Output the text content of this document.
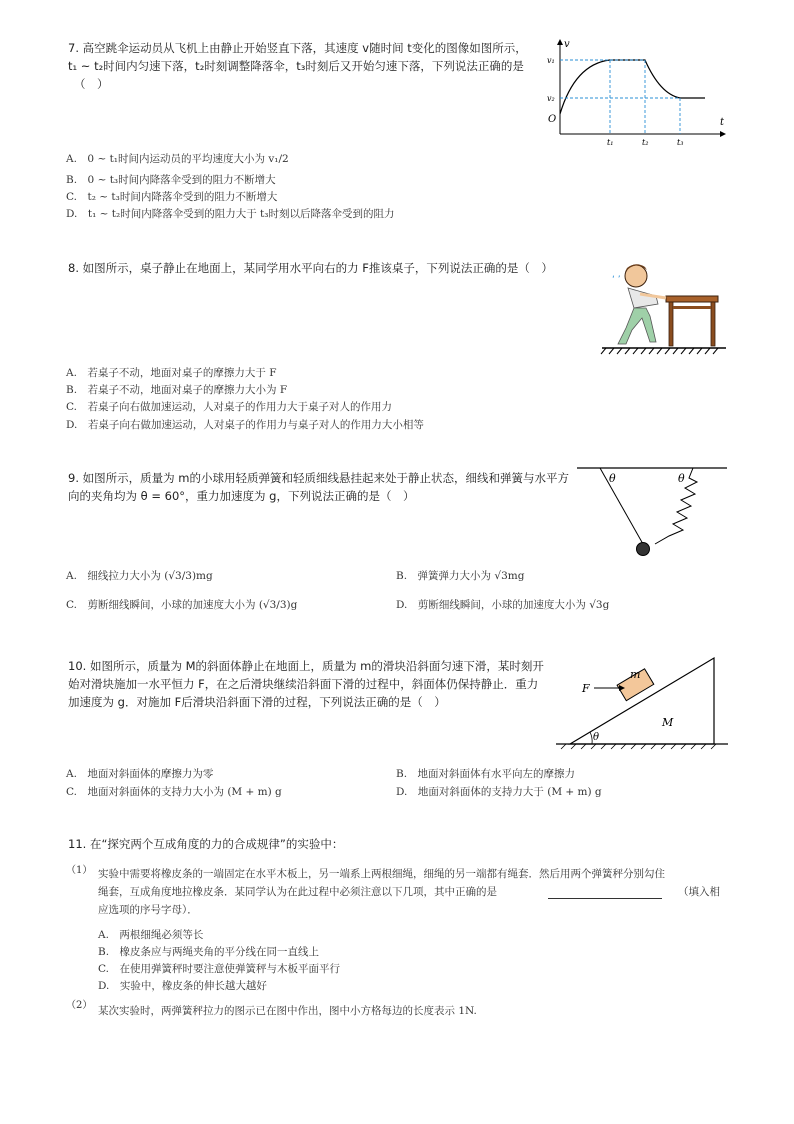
7. 高空跳伞运动员从飞机上由静止开始竖直下落，其速度 v随时间 t变化的图像如图所示，
t₁ ~ t₂时间内匀速下落，t₂时刻调整降落伞，t₃时刻后又开始匀速下落，下列说法正确的是
（　）
v
t
O
v₁
v₂
t₁	t₂	t₃
A.　0 ~ t₁时间内运动员的平均速度大小为 v₁/2
B.　0 ~ t₃时间内降落伞受到的阻力不断增大
C.　t₂ ~ t₃时间内降落伞受到的阻力不断增大
D.　t₁ ~ t₂时间内降落伞受到的阻力大于 t₃时刻以后降落伞受到的阻力
8. 如图所示，桌子静止在地面上，某同学用水平向右的力 F推该桌子，下列说法正确的是（　）
‘ ’
A.　若桌子不动，地面对桌子的摩擦力大于 F
B.　若桌子不动，地面对桌子的摩擦力大小为 F
C.　若桌子向右做加速运动，人对桌子的作用力大于桌子对人的作用力
D.　若桌子向右做加速运动，人对桌子的作用力与桌子对人的作用力大小相等
9. 如图所示，质量为 m的小球用轻质弹簧和轻质细线悬挂起来处于静止状态，细线和弹簧与水平方
向的夹角均为 θ = 60°，重力加速度为 g，下列说法正确的是（　）
θ	θ
A.　细线拉力大小为 (√3/3)mg	B.　弹簧弹力大小为 √3mg
C.　剪断细线瞬间，小球的加速度大小为 (√3/3)g	D.　剪断细线瞬间，小球的加速度大小为 √3g
10. 如图所示，质量为 M的斜面体静止在地面上，质量为 m的滑块沿斜面匀速下滑，某时刻开
始对滑块施加一水平恒力 F，在之后滑块继续沿斜面下滑的过程中，斜面体仍保持静止．重力
加速度为 g．对施加 F后滑块沿斜面下滑的过程，下列说法正确的是（　）
F
m
M
θ
A.　地面对斜面体的摩擦力为零	B.　地面对斜面体有水平向左的摩擦力
C.　地面对斜面体的支持力大小为 (M + m) g	D.　地面对斜面体的支持力大于 (M + m) g
11. 在“探究两个互成角度的力的合成规律”的实验中：
（1） 实验中需要将橡皮条的一端固定在水平木板上，另一端系上两根细绳，细绳的另一端都有绳套．然后用两个弹簧秤分别勾住
绳套，互成角度地拉橡皮条．某同学认为在此过程中必须注意以下几项，其中正确的是	（填入相
应选项的序号字母）．
A.　两根细绳必须等长
B.　橡皮条应与两绳夹角的平分线在同一直线上
C.　在使用弹簧秤时要注意使弹簧秤与木板平面平行
D.　实验中，橡皮条的伸长越大越好
（2） 某次实验时，两弹簧秤拉力的图示已在图中作出，图中小方格每边的长度表示 1N.
